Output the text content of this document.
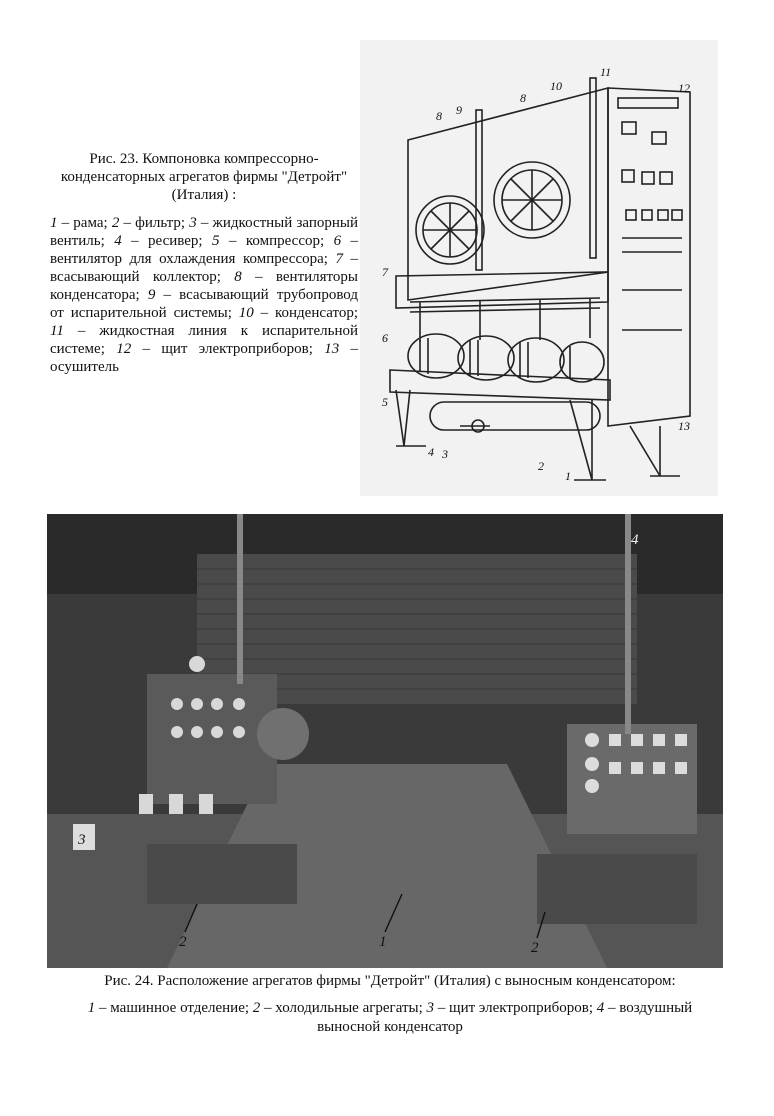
Рис. 23. Компоновка компрессорно-конденсаторных агрегатов фирмы "Детройт" (Италия) :
1 – рама; 2 – фильтр; 3 – жидкостный запорный вентиль; 4 – ресивер; 5 – компрессор; 6 – вентилятор для охлаждения компрессора; 7 – всасывающий коллектор; 8 – вентиляторы конденсатора; 9 – всасывающий трубопровод от испарительной системы; 10 – конденсатор; 11 – жидкостная линия к испарительной системе; 12 – щит электроприборов; 13 – осушитель
1
2
3
4
5
6
7
8
8
9
10
11
12
13
1
2	2
3
4
Рис. 24. Расположение агрегатов фирмы "Детройт" (Италия) с выносным конденсатором:
1 – машинное отделение; 2 – холодильные агрегаты; 3 – щит электроприборов; 4 – воздушный выносной конденсатор
